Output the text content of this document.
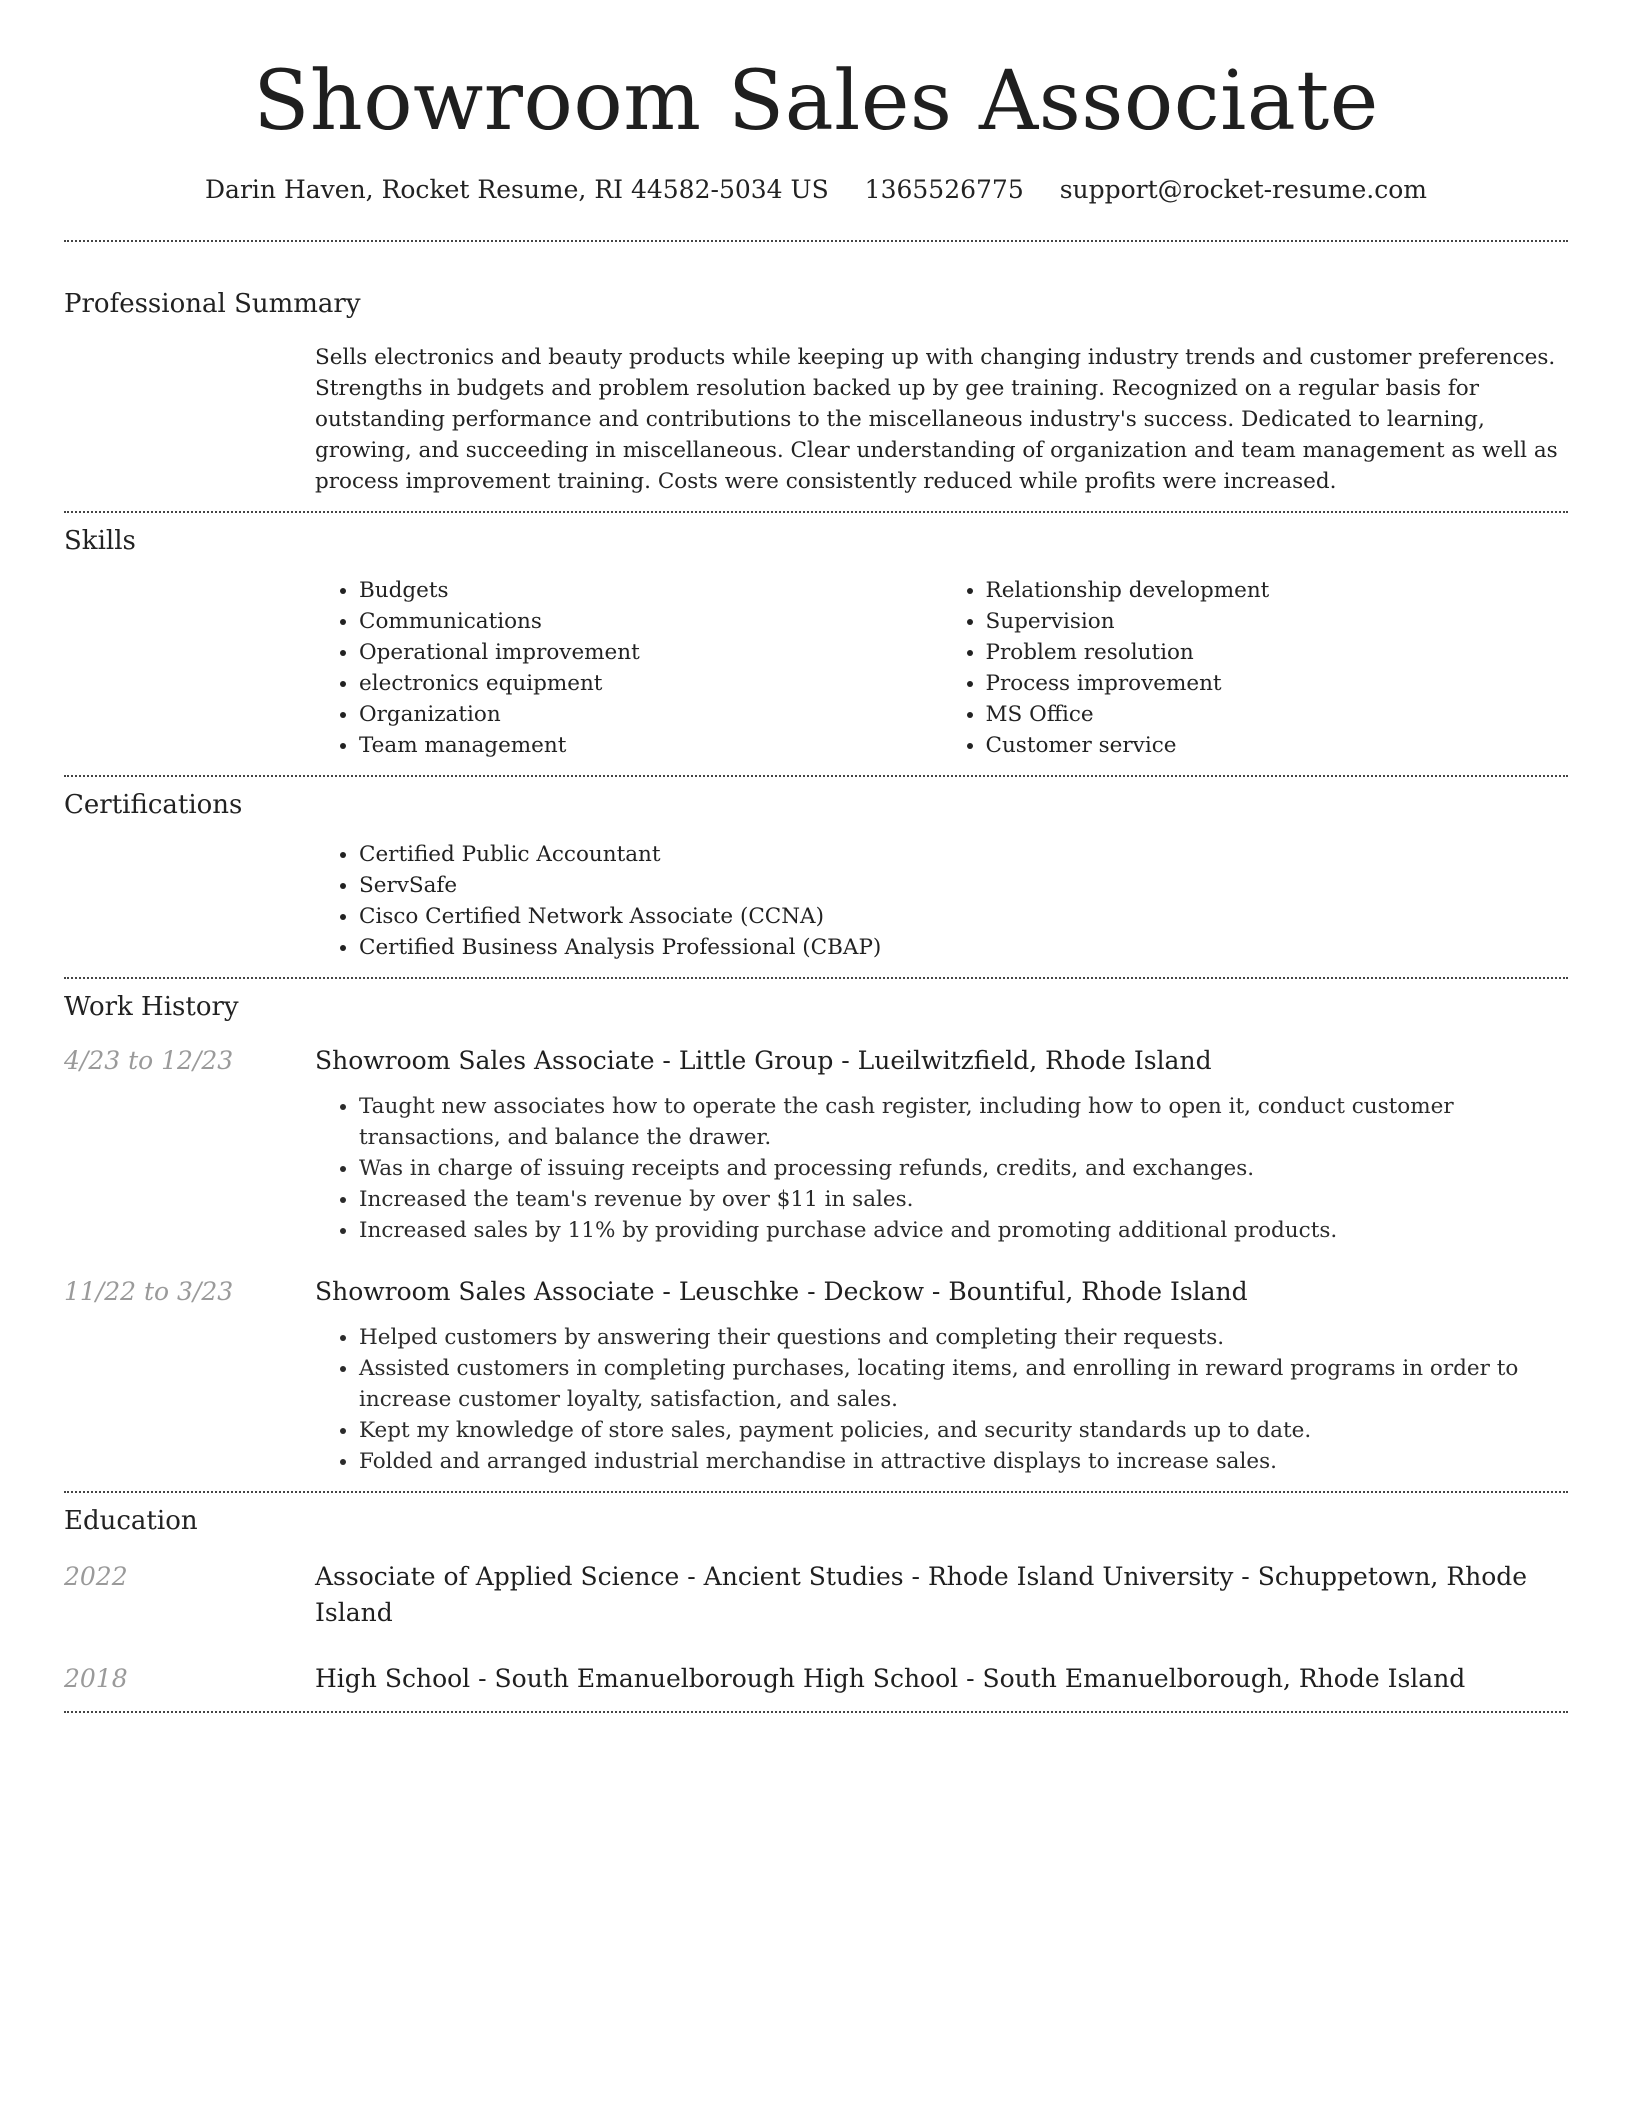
Showroom Sales Associate
Darin Haven, Rocket Resume, RI 44582-5034 US 1365526775 support@rocket-resume.com
Professional Summary
Sells electronics and beauty products while keeping up with changing industry trends and customer preferences. Strengths in budgets and problem resolution backed up by gee training. Recognized on a regular basis for outstanding performance and contributions to the miscellaneous industry's success. Dedicated to learning, growing, and succeeding in miscellaneous. Clear understanding of organization and team management as well as process improvement training. Costs were consistently reduced while profits were increased.
Skills
• Budgets
• Communications
• Operational improvement
• electronics equipment
• Organization
• Team management
• Relationship development
• Supervision
• Problem resolution
• Process improvement
• MS Office
• Customer service
Certifications
• Certified Public Accountant
• ServSafe
• Cisco Certified Network Associate (CCNA)
• Certified Business Analysis Professional (CBAP)
Work History
4/23 to 12/23	Showroom Sales Associate - Little Group - Lueilwitzfield, Rhode Island
• Taught new associates how to operate the cash register, including how to open it, conduct customer transactions, and balance the drawer.
• Was in charge of issuing receipts and processing refunds, credits, and exchanges.
• Increased the team's revenue by over $11 in sales.
• Increased sales by 11% by providing purchase advice and promoting additional products.
11/22 to 3/23	Showroom Sales Associate - Leuschke - Deckow - Bountiful, Rhode Island
• Helped customers by answering their questions and completing their requests.
• Assisted customers in completing purchases, locating items, and enrolling in reward programs in order to increase customer loyalty, satisfaction, and sales.
• Kept my knowledge of store sales, payment policies, and security standards up to date.
• Folded and arranged industrial merchandise in attractive displays to increase sales.
Education
2022	Associate of Applied Science - Ancient Studies - Rhode Island University - Schuppetown, Rhode Island
2018	High School - South Emanuelborough High School - South Emanuelborough, Rhode Island
